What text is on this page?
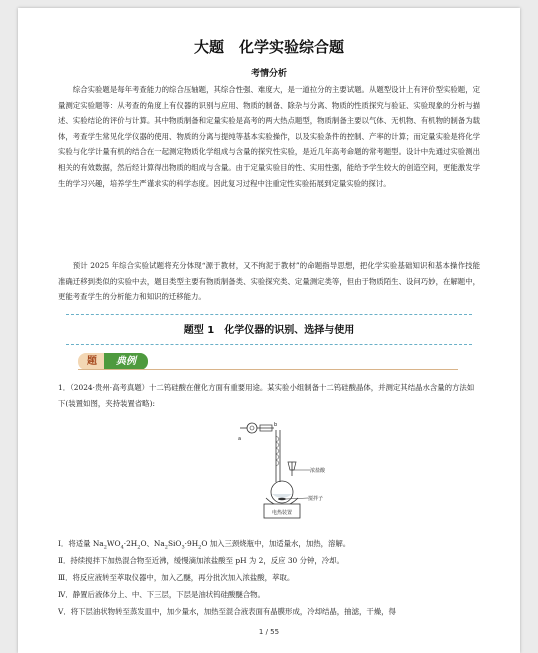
大题　化学实验综合题
考情分析

综合实验题是每年考查能力的综合压轴题，其综合性强、难度大，是一道拉分的主要试题。从题型设计上有评价型实验题，定量测定实验题等：从考查的角度上有仪器的识别与应用、物质的制备、除杂与分离、物质的性质探究与验证、实验现象的分析与描述、实验结论的评价与计算。其中物质制备和定量实验是高考的两大热点题型，物质制备主要以气体、无机物、有机物的制备为载体，考查学生常见化学仪器的使用、物质的分离与提纯等基本实验操作，以及实验条件的控制、产率的计算；而定量实验是将化学实验与化学计量有机的结合在一起测定物质化学组成与含量的探究性实验，是近几年高考命题的常考题型。设计中先通过实验测出相关的有效数据，然后经计算得出物质的组成与含量。由于定量实验目的性、实用性强，能给予学生较大的创造空间，更能激发学生的学习兴趣，培养学生严谨求实的科学态度。因此复习过程中注重定性实验拓展到定量实验的探讨。

预计 2025 年综合实验试题将充分体现“源于教材，又不拘泥于教材”的命题指导思想，把化学实验基础知识和基本操作技能准确迁移到类似的实验中去，题目类型主要有物质制备类、实验探究类、定量测定类等，但由于物质陌生、设问巧妙，在解题中，更能考查学生的分析能力和知识的迁移能力。

题型 1　化学仪器的识别、选择与使用
题	典例

1．（2024·贵州·高考真题）十二钨硅酸在催化方面有重要用途。某实验小组制备十二钨硅酸晶体，并测定其结晶水含量的方法如下(装置如图，夹持装置省略):

a
b
浓盐酸
搅拌子
电热装置

Ⅰ．将适量 $Na_2WO_4\cdot 2H_2O$、$Na_2SiO_3\cdot 9H_2O$ 加入三颈烧瓶中，加适量水，加热，溶解。

Ⅱ．持续搅拌下加热混合物至近沸，缓慢滴加浓盐酸至 pH 为 2，反应 30 分钟，冷却。

Ⅲ．将反应液转至萃取仪器中，加入乙醚，再分批次加入浓盐酸，萃取。

Ⅳ．静置后液体分上、中、下三层，下层是油状钨硅酸醚合物。

Ⅴ．将下层油状物转至蒸发皿中，加少量水，加热至混合液表面有晶膜形成，冷却结晶，抽滤，干燥，得

1 / 55
